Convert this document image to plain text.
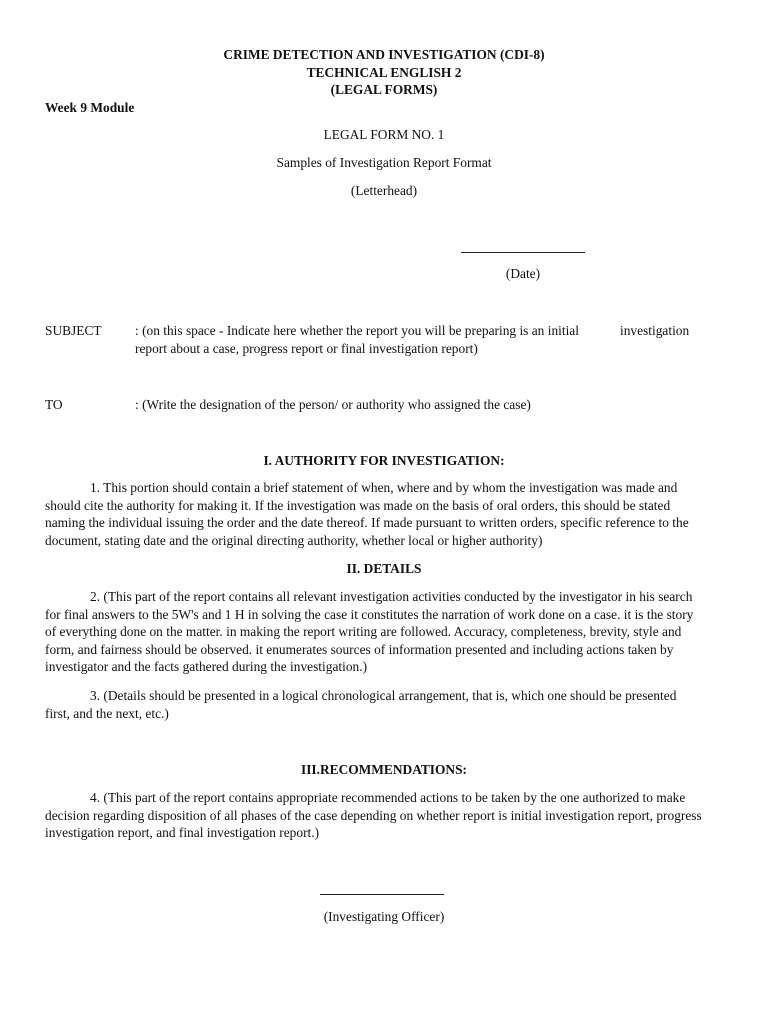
CRIME DETECTION AND INVESTIGATION (CDI-8)
TECHNICAL ENGLISH 2
(LEGAL FORMS)
Week 9 Module
LEGAL FORM NO. 1
Samples of Investigation Report Format
(Letterhead)
(Date)
SUBJECT : (on this space - Indicate here whether the report you will be preparing is an initial	investigation
report about a case, progress report or final investigation report)
TO	: (Write the designation of the person/ or authority who assigned the case)
I. AUTHORITY FOR INVESTIGATION:
1. This portion should contain a brief statement of when, where and by whom the investigation was made and
should cite the authority for making it. If the investigation was made on the basis of oral orders, this should be stated
naming the individual issuing the order and the date thereof. If made pursuant to written orders, specific reference to the
document, stating date and the original directing authority, whether local or higher authority)
II. DETAILS
2. (This part of the report contains all relevant investigation activities conducted by the investigator in his search
for final answers to the 5W's and 1 H in solving the case it constitutes the narration of work done on a case. it is the story
of everything done on the matter. in making the report writing are followed. Accuracy, completeness, brevity, style and
form, and fairness should be observed. it enumerates sources of information presented and including actions taken by
investigator and the facts gathered during the investigation.)
3. (Details should be presented in a logical chronological arrangement, that is, which one should be presented
first, and the next, etc.)
III.RECOMMENDATIONS:
4. (This part of the report contains appropriate recommended actions to be taken by the one authorized to make
decision regarding disposition of all phases of the case depending on whether report is initial investigation report, progress
investigation report, and final investigation report.)
(Investigating Officer)
